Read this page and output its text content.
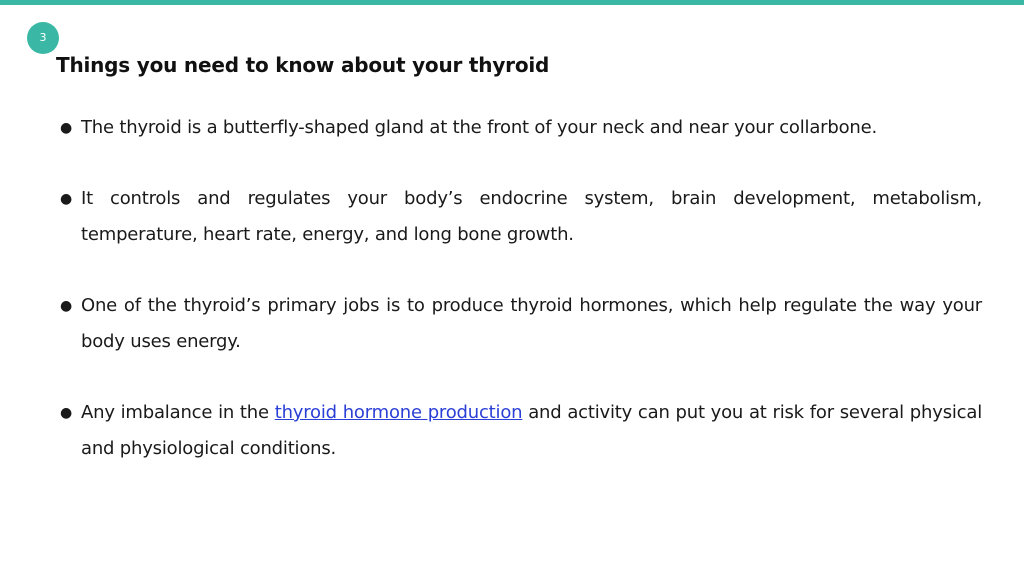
3
Things you need to know about your thyroid
● The thyroid is a butterfly-shaped gland at the front of your neck and near your collarbone.
● It controls and regulates your body’s endocrine system, brain development, metabolism, temperature, heart rate, energy, and long bone growth.
● One of the thyroid’s primary jobs is to produce thyroid hormones, which help regulate the way your body uses energy.
● Any imbalance in the thyroid hormone production and activity can put you at risk for several physical and physiological conditions.
